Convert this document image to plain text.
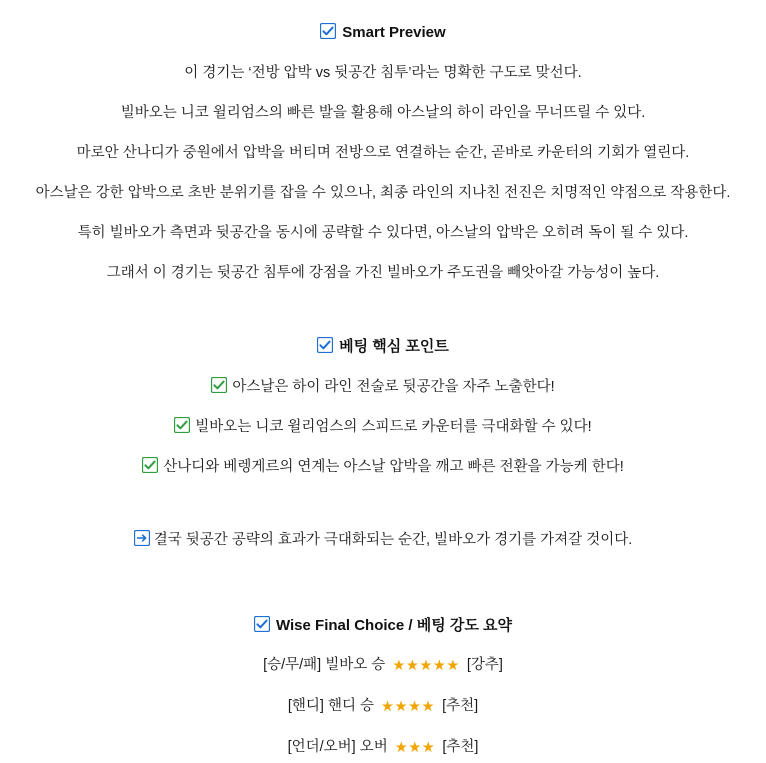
Smart Preview
이 경기는 ‘전방 압박 vs 뒷공간 침투’라는 명확한 구도로 맞선다.
빌바오는 니코 윌리엄스의 빠른 발을 활용해 아스날의 하이 라인을 무너뜨릴 수 있다.
마로안 산나디가 중원에서 압박을 버티며 전방으로 연결하는 순간, 곧바로 카운터의 기회가 열린다.
아스날은 강한 압박으로 초반 분위기를 잡을 수 있으나, 최종 라인의 지나친 전진은 치명적인 약점으로 작용한다.
특히 빌바오가 측면과 뒷공간을 동시에 공략할 수 있다면, 아스날의 압박은 오히려 독이 될 수 있다.
그래서 이 경기는 뒷공간 침투에 강점을 가진 빌바오가 주도권을 빼앗아갈 가능성이 높다.
베팅 핵심 포인트
아스날은 하이 라인 전술로 뒷공간을 자주 노출한다!
빌바오는 니코 윌리엄스의 스피드로 카운터를 극대화할 수 있다!
산나디와 베렝게르의 연계는 아스날 압박을 깨고 빠른 전환을 가능케 한다!
결국 뒷공간 공략의 효과가 극대화되는 순간, 빌바오가 경기를 가져갈 것이다.
Wise Final Choice / 베팅 강도 요약
[승/무/패] 빌바오 승 ★★★★★ [강추]
[핸디] 핸디 승 ★★★★ [추천]
[언더/오버] 오버 ★★★ [추천]
